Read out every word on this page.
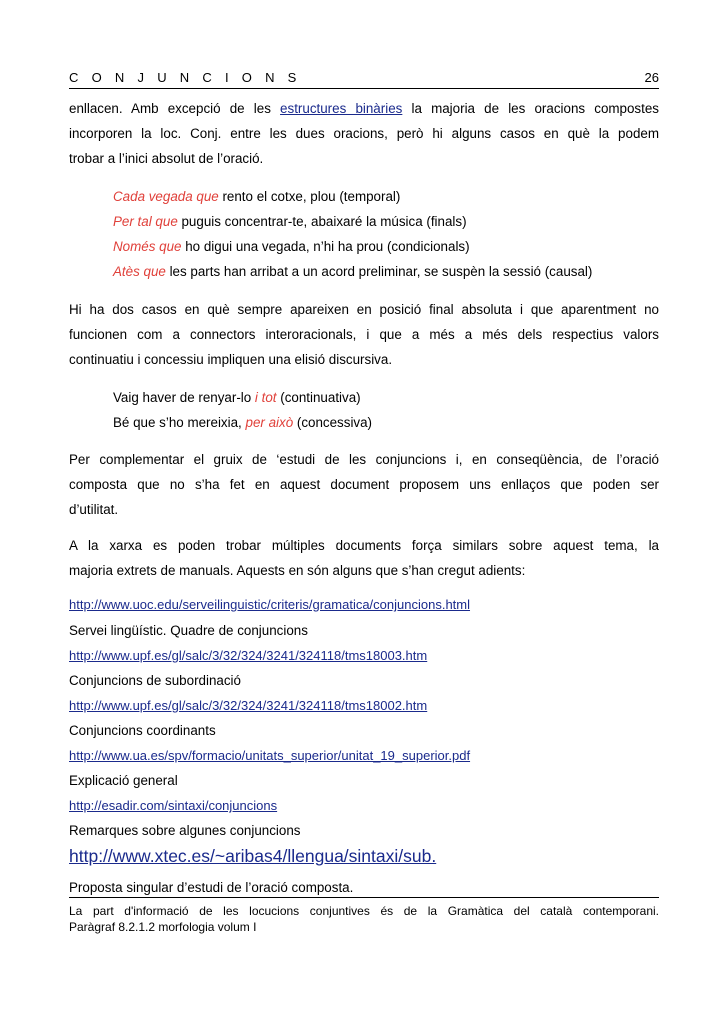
CONJUNCIONS	26
enllacen. Amb excepció de les estructures binàries la majoria de les oracions compostes
incorporen la loc. Conj. entre les dues oracions, però hi alguns casos en què la podem
trobar a l’inici absolut de l’oració.
Cada vegada que rento el cotxe, plou (temporal)
Per tal que puguis concentrar-te, abaixaré la música (finals)
Només que ho digui una vegada, n’hi ha prou (condicionals)
Atès que les parts han arribat a un acord preliminar, se suspèn la sessió (causal)
Hi ha dos casos en què sempre apareixen en posició final absoluta i que aparentment no
funcionen com a connectors interoracionals, i que a més a més dels respectius valors
continuatiu i concessiu impliquen una elisió discursiva.
Vaig haver de renyar-lo i tot (continuativa)
Bé que s’ho mereixia, per això (concessiva)
Per complementar el gruix de ‘estudi de les conjuncions i, en conseqüència, de l’oració
composta que no s’ha fet en aquest document proposem uns enllaços que poden ser
d’utilitat.
A la xarxa es poden trobar múltiples documents força similars sobre aquest tema, la
majoria extrets de manuals. Aquests en són alguns que s’han cregut adients:
http://www.uoc.edu/serveilinguistic/criteris/gramatica/conjuncions.html
Servei lingüístic. Quadre de conjuncions
http://www.upf.es/gl/salc/3/32/324/3241/324118/tms18003.htm
Conjuncions de subordinació
http://www.upf.es/gl/salc/3/32/324/3241/324118/tms18002.htm
Conjuncions coordinants
http://www.ua.es/spv/formacio/unitats_superior/unitat_19_superior.pdf
Explicació general
http://esadir.com/sintaxi/conjuncions
Remarques sobre algunes conjuncions
http://www.xtec.es/~aribas4/llengua/sintaxi/sub.
Proposta singular d’estudi de l’oració composta.
La part d'informació de les locucions conjuntives és de la Gramàtica del català contemporani.
Paràgraf 8.2.1.2 morfologia volum I
